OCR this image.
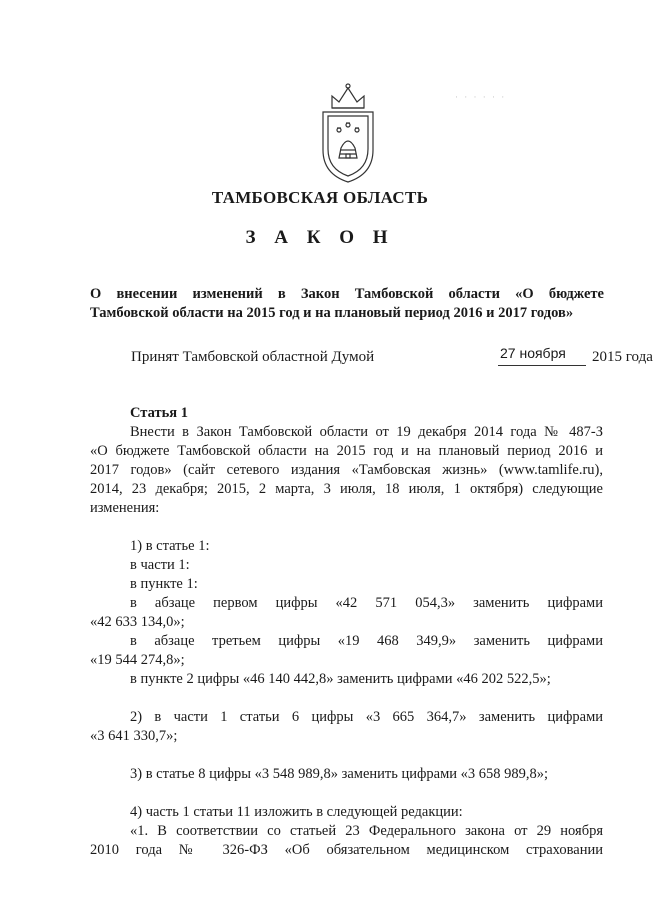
· · · · · ·
ТАМБОВСКАЯ ОБЛАСТЬ
З А К О Н
О внесении изменений в Закон Тамбовской области «О бюджете
Тамбовской области на 2015 год и на плановый период 2016 и 2017 годов»
Принят Тамбовской областной Думой	27 ноября 2015 года

Статья 1

Внести в Закон Тамбовской области от 19 декабря 2014 года № 487-З

«О бюджете Тамбовской области на 2015 год и на плановый период 2016 и

2017 годов» (сайт сетевого издания «Тамбовская жизнь» (www.tamlife.ru),

2014, 23 декабря; 2015, 2 марта, 3 июля, 18 июля, 1 октября) следующие

изменения:

1) в статье 1:

в части 1:

в пункте 1:

в абзаце первом цифры «42 571 054,3» заменить цифрами

«42 633 134,0»;

в абзаце третьем цифры «19 468 349,9» заменить цифрами

«19 544 274,8»;

в пункте 2 цифры «46 140 442,8» заменить цифрами «46 202 522,5»;

2) в части 1 статьи 6 цифры «3 665 364,7» заменить цифрами

«3 641 330,7»;

3) в статье 8 цифры «3 548 989,8» заменить цифрами «3 658 989,8»;

4) часть 1 статьи 11 изложить в следующей редакции:

«1. В соответствии со статьей 23 Федерального закона от 29 ноября

2010 года № 326-ФЗ «Об обязательном медицинском страховании
